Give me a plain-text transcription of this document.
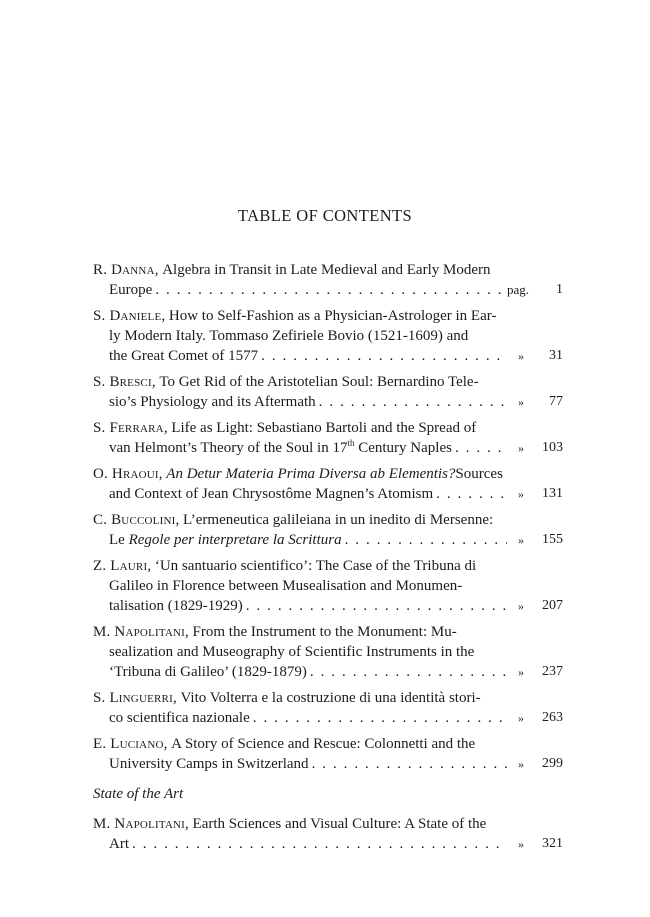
TABLE OF CONTENTS
R. Danna , Algebra in Transit in Late Medieval and Early Modern
Europe . . .	pag.	1
S. Daniele , How to Self-Fashion as a Physician-Astrologer in Ear-
ly Modern Italy. Tommaso Zefiriele Bovio (1521-1609) and
the Great Comet of 1577 . . .	»	31
S. Bresci , To Get Rid of the Aristotelian Soul: Bernardino Tele-
sio’s Physiology and its Aftermath . . .	»	77
S. Ferrara , Life as Light: Sebastiano Bartoli and the Spread of
van Helmont’s Theory of the Soul in 17th Century Naples . . .	»	103
O. Hraoui , An Detur Materia Prima Diversa ab Elementis? Sources
and Context of Jean Chrysostôme Magnen’s Atomism . . .	»	131
C. Buccolini , L’ermeneutica galileiana in un inedito di Mersenne:
Le Regole per interpretare la Scrittura . . .	»	155
Z. Lauri , ‘Un santuario scientifico’: The Case of the Tribuna di
Galileo in Florence between Musealisation and Monumen-
talisation (1829-1929) . . .	»	207
M. Napolitani , From the Instrument to the Monument: Mu-
sealization and Museography of Scientific Instruments in the
‘Tribuna di Galileo’ (1829-1879) . . .	»	237
S. Linguerri , Vito Volterra e la costruzione di una identità stori-
co scientifica nazionale . . .	»	263
E. Luciano , A Story of Science and Rescue: Colonnetti and the
University Camps in Switzerland . . .	»	299
State of the Art
M. Napolitani , Earth Sciences and Visual Culture: A State of the
Art . . .	»	321
